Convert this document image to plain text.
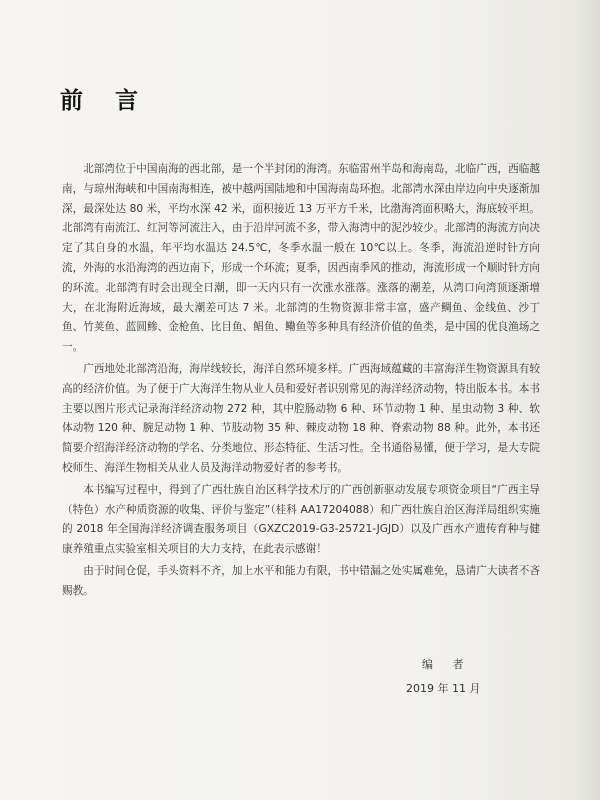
前 言

北部湾位于中国南海的西北部，是一个半封闭的海湾。东临雷州半岛和海南岛，北临广西，西临越南，与琼州海峡和中国南海相连，被中越两国陆地和中国海南岛环抱。北部湾水深由岸边向中央逐渐加深，最深处达 80 米，平均水深 42 米，面积接近 13 万平方千米，比渤海湾面积略大，海底较平坦。北部湾有南流江、红河等河流注入，由于沿岸河流不多，带入海湾中的泥沙较少。北部湾的海流方向决定了其自身的水温，年平均水温达 24.5℃，冬季水温一般在 10℃以上。冬季，海流沿逆时针方向流，外海的水沿海湾的西边南下，形成一个环流；夏季，因西南季风的推动，海流形成一个顺时针方向的环流。北部湾有时会出现全日潮，即一天内只有一次涨水涨落。涨落的潮差，从湾口向湾顶逐渐增大，在北海附近海域，最大潮差可达 7 米。北部湾的生物资源非常丰富，盛产鲷鱼、金线鱼、沙丁鱼、竹荚鱼、蓝圆鲹、金枪鱼、比目鱼、鲳鱼、鳓鱼等多种具有经济价值的鱼类，是中国的优良渔场之一。

广西地处北部湾沿海，海岸线较长，海洋自然环境多样。广西海域蕴藏的丰富海洋生物资源具有较高的经济价值。为了便于广大海洋生物从业人员和爱好者识别常见的海洋经济动物，特出版本书。本书主要以图片形式记录海洋经济动物 272 种，其中腔肠动物 6 种、环节动物 1 种、星虫动物 3 种、软体动物 120 种、腕足动物 1 种、节肢动物 35 种、棘皮动物 18 种、脊索动物 88 种。此外，本书还简要介绍海洋经济动物的学名、分类地位、形态特征、生活习性。全书通俗易懂，便于学习，是大专院校师生、海洋生物相关从业人员及海洋动物爱好者的参考书。

本书编写过程中，得到了广西壮族自治区科学技术厅的广西创新驱动发展专项资金项目“广西主导（特色）水产种质资源的收集、评价与鉴定”（桂科 AA17204088）和广西壮族自治区海洋局组织实施的 2018 年全国海洋经济调查服务项目（GXZC2019-G3-25721-JGJD）以及广西水产遗传育种与健康养殖重点实验室相关项目的大力支持，在此表示感谢！

由于时间仓促，手头资料不齐，加上水平和能力有限，书中错漏之处实属难免，恳请广大读者不吝赐教。

编 者
2019 年 11 月
